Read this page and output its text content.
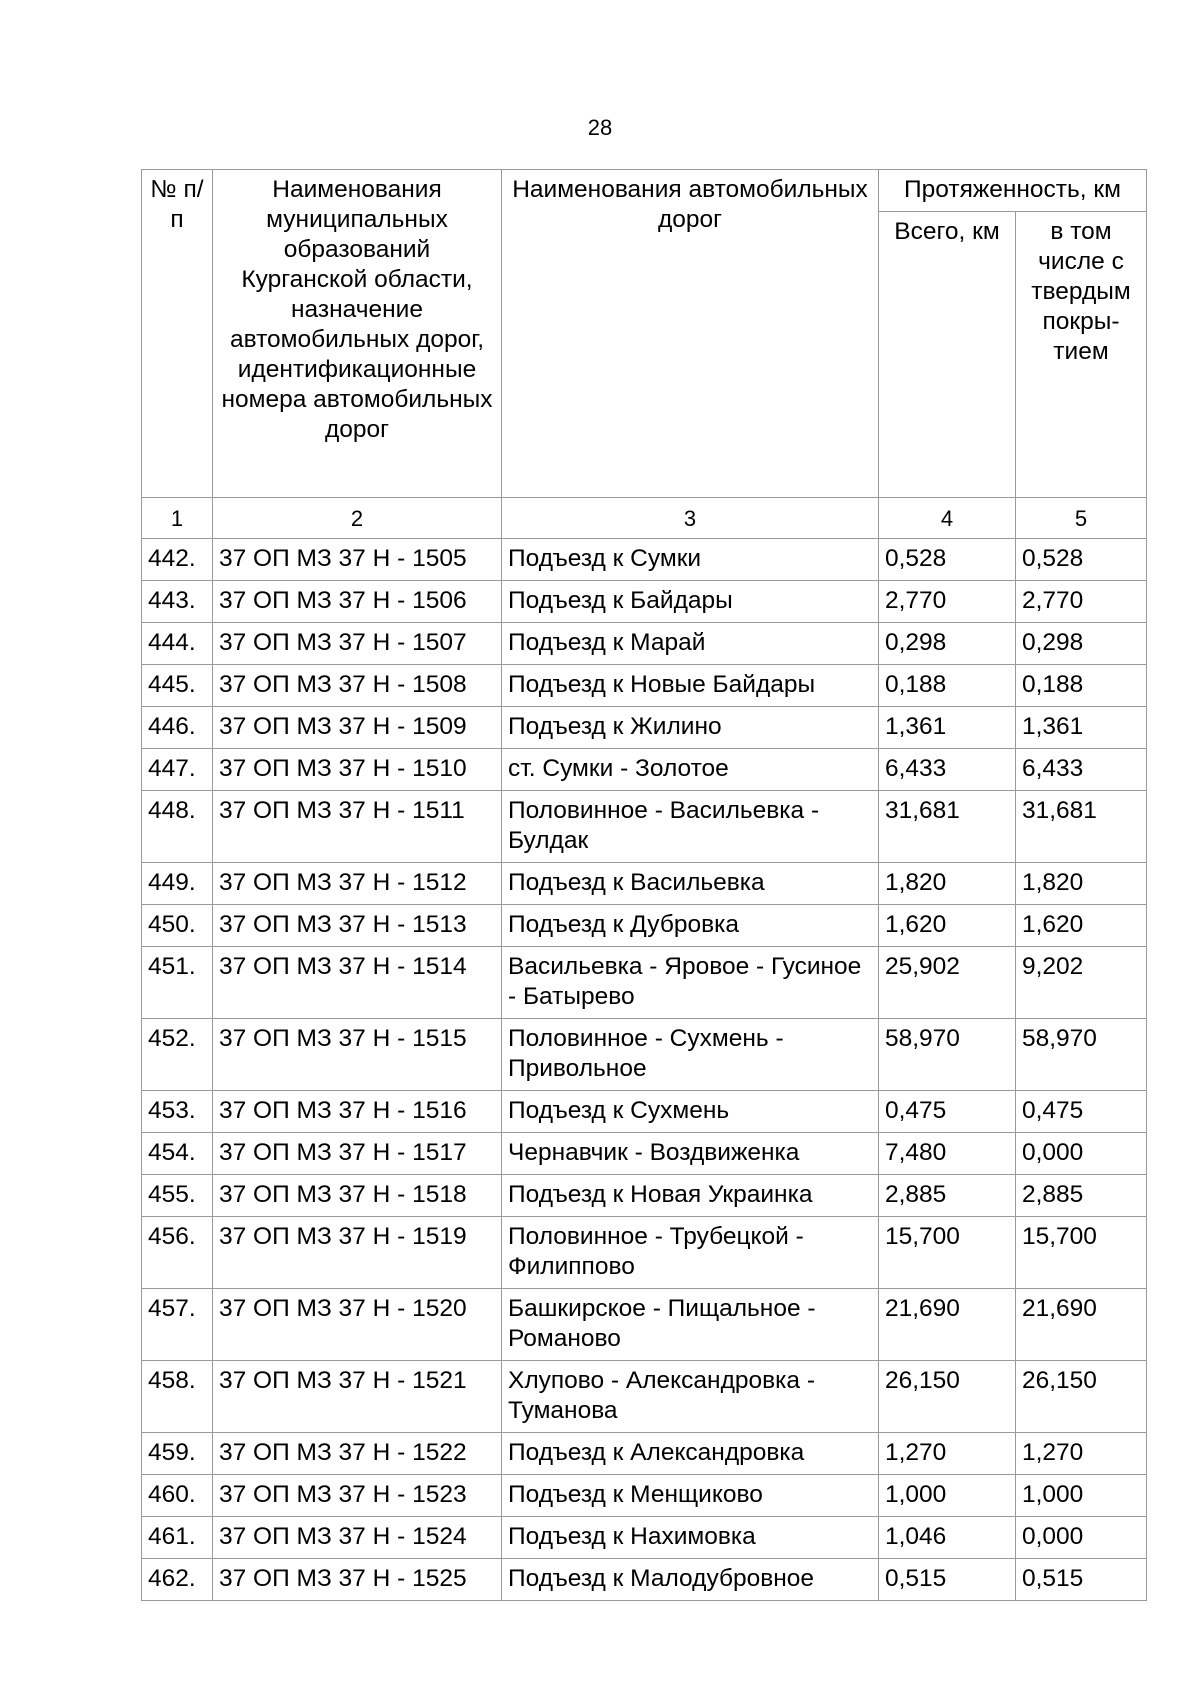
28
№ п/п	Наименования муниципальных образований Курганской области, назначение автомобильных дорог, идентификационные номера автомобильных дорог	Наименования автомобильных дорог	Протяженность, км	
			Всего, км	в том числе с твердым покры-тием
1	2	3	4	5
442.	37 ОП МЗ 37 Н - 1505	Подъезд к Сумки	0,528	0,528
443.	37 ОП МЗ 37 Н - 1506	Подъезд к Байдары	2,770	2,770
444.	37 ОП МЗ 37 Н - 1507	Подъезд к Марай	0,298	0,298
445.	37 ОП МЗ 37 Н - 1508	Подъезд к Новые Байдары	0,188	0,188
446.	37 ОП МЗ 37 Н - 1509	Подъезд к Жилино	1,361	1,361
447.	37 ОП МЗ 37 Н - 1510	ст. Сумки - Золотое	6,433	6,433
448.	37 ОП МЗ 37 Н - 1511	Половинное - Васильевка - Булдак	31,681	31,681
449.	37 ОП МЗ 37 Н - 1512	Подъезд к Васильевка	1,820	1,820
450.	37 ОП МЗ 37 Н - 1513	Подъезд к Дубровка	1,620	1,620
451.	37 ОП МЗ 37 Н - 1514	Васильевка - Яровое - Гусиное - Батырево	25,902	9,202
452.	37 ОП МЗ 37 Н - 1515	Половинное - Сухмень - Привольное	58,970	58,970
453.	37 ОП МЗ 37 Н - 1516	Подъезд к Сухмень	0,475	0,475
454.	37 ОП МЗ 37 Н - 1517	Чернавчик - Воздвиженка	7,480	0,000
455.	37 ОП МЗ 37 Н - 1518	Подъезд к Новая Украинка	2,885	2,885
456.	37 ОП МЗ 37 Н - 1519	Половинное - Трубецкой - Филиппово	15,700	15,700
457.	37 ОП МЗ 37 Н - 1520	Башкирское - Пищальное - Романово	21,690	21,690
458.	37 ОП МЗ 37 Н - 1521	Хлупово - Александровка - Туманова	26,150	26,150
459.	37 ОП МЗ 37 Н - 1522	Подъезд к Александровка	1,270	1,270
460.	37 ОП МЗ 37 Н - 1523	Подъезд к Менщиково	1,000	1,000
461.	37 ОП МЗ 37 Н - 1524	Подъезд к Нахимовка	1,046	0,000
462.	37 ОП МЗ 37 Н - 1525	Подъезд к Малодубровное	0,515	0,515
